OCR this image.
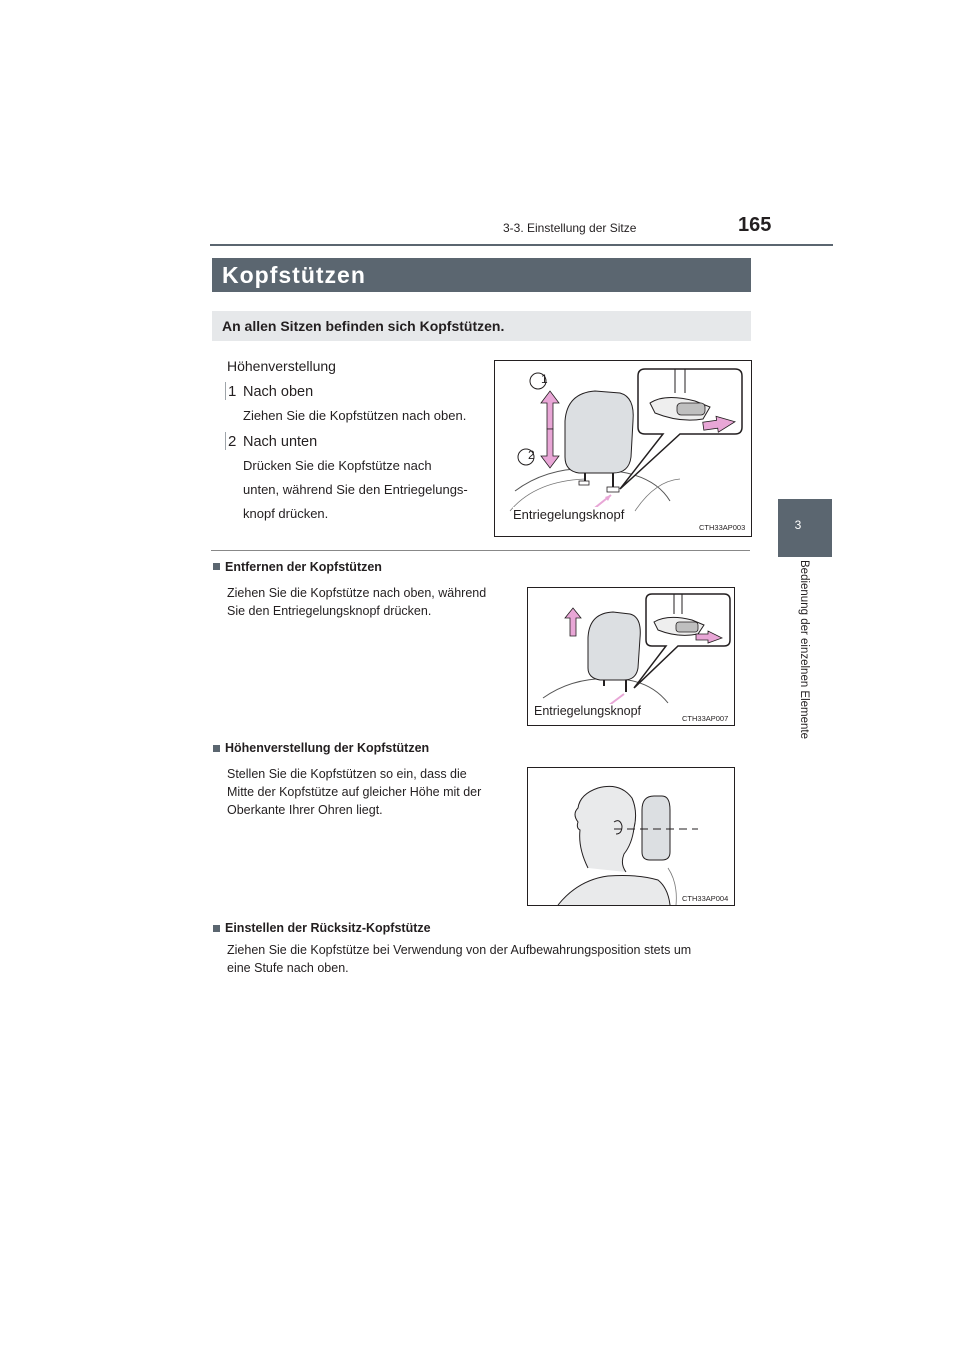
3-3. Einstellung der Sitze	165
3
Bedienung der einzelnen Elemente
Kopfstützen
An allen Sitzen befinden sich Kopfstützen.
Höhenverstellung
1 Nach oben
Ziehen Sie die Kopfstützen nach oben.
2 Nach unten
Drücken Sie die Kopfstütze nach
unten, während Sie den Entriegelungs-
knopf drücken.
1
2
Entriegelungsknopf
CTH33AP003
Entfernen der Kopfstützen
Ziehen Sie die Kopfstütze nach oben, während
Sie den Entriegelungsknopf drücken.
Entriegelungsknopf
CTH33AP007
Höhenverstellung der Kopfstützen
Stellen Sie die Kopfstützen so ein, dass die
Mitte der Kopfstütze auf gleicher Höhe mit der
Oberkante Ihrer Ohren liegt.
CTH33AP004
Einstellen der Rücksitz-Kopfstütze
Ziehen Sie die Kopfstütze bei Verwendung von der Aufbewahrungsposition stets um
eine Stufe nach oben.
